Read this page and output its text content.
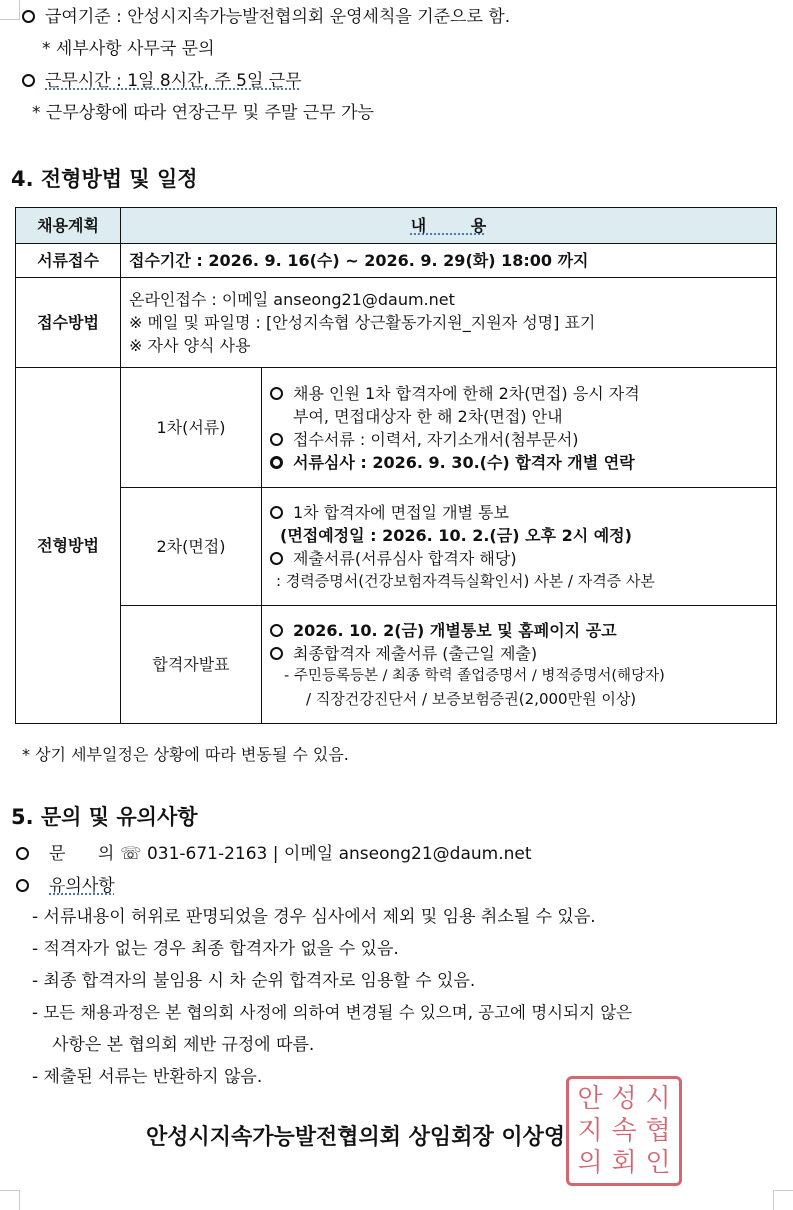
급여기준 : 안성시지속가능발전협의회 운영세칙을 기준으로 함.
* 세부사항 사무국 문의
근무시간 : 1일 8시간, 주 5일 근무
* 근무상황에 따라 연장근무 및 주말 근무 가능
4. 전형방법 및 일정
채용계획	내        용	
서류접수	접수기간 : 2026. 9. 16(수) ~ 2026. 9. 29(화) 18:00 까지	
접수방법	온라인접수 : 이메일 anseong21@daum.net
※ 메일 및 파일명 : [안성지속협 상근활동가지원_지원자 성명] 표기
※ 자사 양식 사용	

전형방법	1차(서류)	채용 인원 1차 합격자에 한해 2차(면접) 응시 자격
부여, 면접대상자 한 해 2차(면접) 안내
접수서류 : 이력서, 자기소개서(첨부문서)
서류심사 : 2026. 9. 30.(수) 합격자 개별 연락

	2차(면접)	1차 합격자에 면접일 개별 통보
(면접예정일 : 2026. 10. 2.(금) 오후 2시 예정)
제출서류(서류심사 합격자 해당)
: 경력증명서(건강보험자격득실확인서) 사본 / 자격증 사본

	합격자발표	2026. 10. 2(금) 개별통보 및 홈페이지 공고
최종합격자 제출서류 (출근일 제출)
- 주민등록등본 / 최종 학력 졸업증명서 / 병적증명서(해당자)
/ 직장건강진단서 / 보증보험증권(2,000만원 이상)
* 상기 세부일정은 상황에 따라 변동될 수 있음.
5. 문의 및 유의사항
문      의 ☏ 031-671-2163 | 이메일 anseong21@daum.net
유의사항
- 서류내용이 허위로 판명되었을 경우 심사에서 제외 및 임용 취소될 수 있음.
- 적격자가 없는 경우 최종 합격자가 없을 수 있음.
- 최종 합격자의 불임용 시 차 순위 합격자로 임용할 수 있음.
- 모든 채용과정은 본 협의회 사정에 의하여 변경될 수 있으며, 공고에 명시되지 않은
사항은 본 협의회 제반 규정에 따름.
- 제출된 서류는 반환하지 않음.
안성시지속가능발전협의회 상임회장 이상영
안 성 시
지 속 협
의 회 인
